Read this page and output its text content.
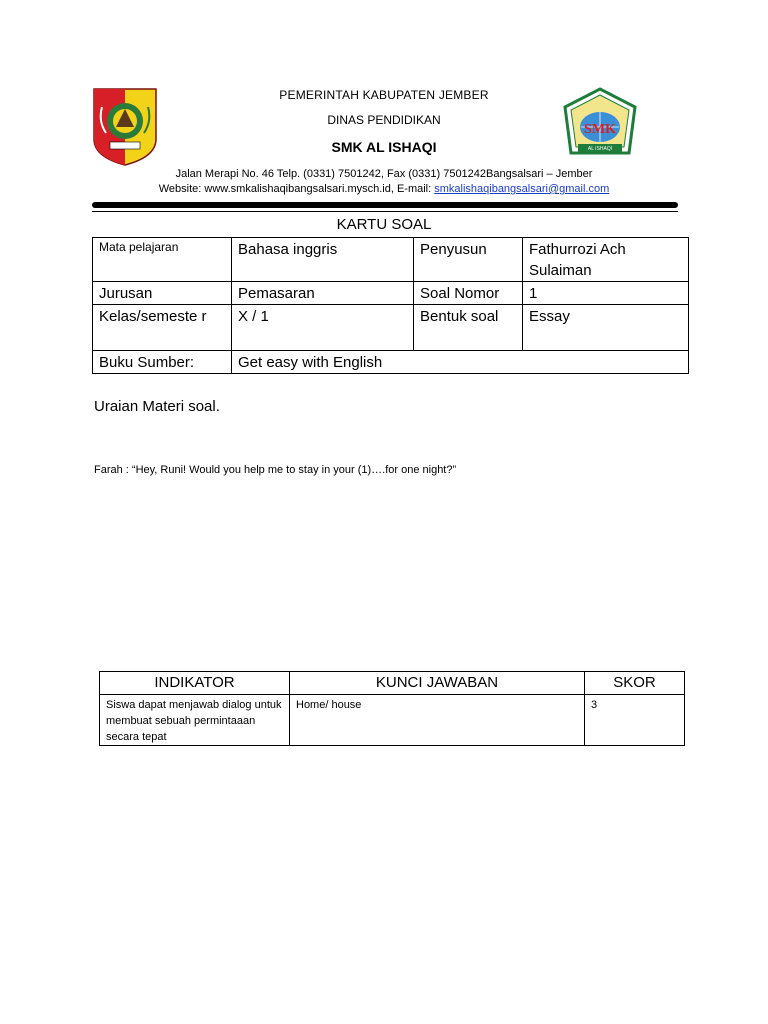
PEMERINTAH KABUPATEN JEMBER
DINAS PENDIDIKAN
SMK AL ISHAQI
SMK
AL ISHAQI
Jalan Merapi No. 46 Telp. (0331) 7501242, Fax (0331) 7501242Bangsalsari – Jember
Website: www.smkalishaqibangsalsari.mysch.id, E-mail: smkalishaqibangsalsari@gmail.com
KARTU SOAL
Mata pelajaran	Bahasa inggris	Penyusun	Fathurrozi Ach Sulaiman
Jurusan	Pemasaran	Soal Nomor	1
Kelas/semeste r	X / 1	Bentuk soal	Essay
Buku Sumber:	Get easy with English		
Uraian Materi soal.
Farah : “Hey, Runi! Would you help me to stay in your (1)….for one night?”
INDIKATOR	KUNCI JAWABAN	SKOR
Siswa dapat menjawab dialog untuk membuat sebuah permintaaan secara tepat	Home/ house	3
